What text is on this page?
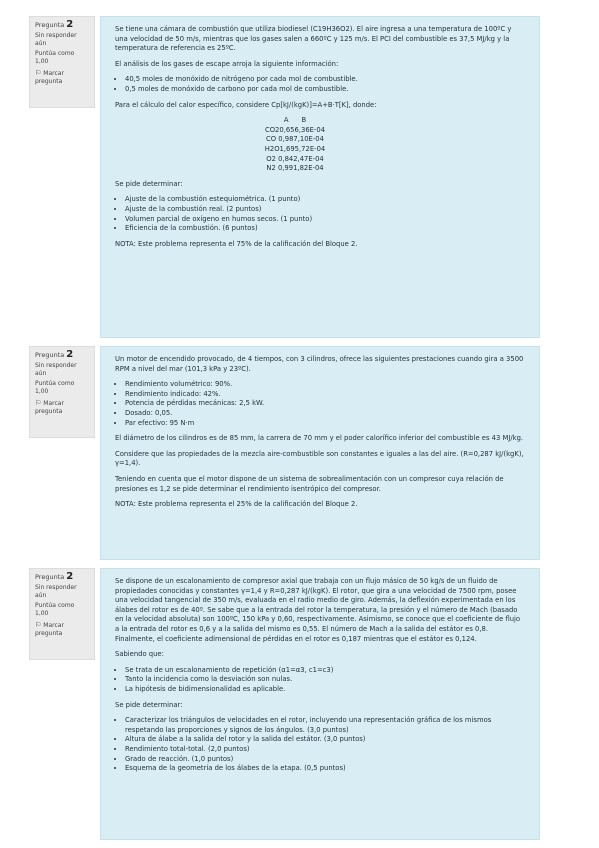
Pregunta 2
Sin responder aún
Puntúa como 1,00
⚐ Marcar pregunta

Se tiene una cámara de combustión que utiliza biodiesel (C19H36O2). El aire ingresa a una temperatura de 100ºC y una velocidad de 50 m/s, mientras que los gases salen a 660ºC y 125 m/s. El PCI del combustible es 37,5 MJ/kg y la temperatura de referencia es 25ºC.

El análisis de los gases de escape arroja la siguiente información:

• 40,5 moles de monóxido de nitrógeno por cada mol de combustible.
• 0,5 moles de monóxido de carbono por cada mol de combustible.

Para el cálculo del calor específico, considere Cp[kJ/(kgK)]=A+B·T[K], donde:

A      B
CO20,656,36E-04
CO 0,987,10E-04
H2O1,695,72E-04
O2 0,842,47E-04
N2 0,991,82E-04

Se pide determinar:

• Ajuste de la combustión estequiométrica. (1 punto)
• Ajuste de la combustión real. (2 puntos)
• Volumen parcial de oxígeno en humos secos. (1 punto)
• Eficiencia de la combustión. (6 puntos)

NOTA: Este problema representa el 75% de la calificación del Bloque 2.

Pregunta 2
Sin responder aún
Puntúa como 1,00
⚐ Marcar pregunta

Un motor de encendido provocado, de 4 tiempos, con 3 cilindros, ofrece las siguientes prestaciones cuando gira a 3500 RPM a nivel del mar (101,3 kPa y 23ºC).

• Rendimiento volumétrico: 90%.
• Rendimiento indicado: 42%.
• Potencia de pérdidas mecánicas: 2,5 kW.
• Dosado: 0,05.
• Par efectivo: 95 N·m

El diámetro de los cilindros es de 85 mm, la carrera de 70 mm y el poder calorífico inferior del combustible es 43 MJ/kg.

Considere que las propiedades de la mezcla aire-combustible son constantes e iguales a las del aire. (R=0,287 kJ/(kgK), γ=1,4).

Teniendo en cuenta que el motor dispone de un sistema de sobrealimentación con un compresor cuya relación de presiones es 1,2 se pide determinar el rendimiento isentrópico del compresor.

NOTA: Este problema representa el 25% de la calificación del Bloque 2.

Pregunta 2
Sin responder aún
Puntúa como 1,00
⚐ Marcar pregunta

Se dispone de un escalonamiento de compresor axial que trabaja con un flujo másico de 50 kg/s de un fluido de propiedades conocidas y constantes γ=1,4 y R=0,287 kJ/(kgK). El rotor, que gira a una velocidad de 7500 rpm, posee una velocidad tangencial de 350 m/s, evaluada en el radio medio de giro. Además, la deflexión experimentada en los álabes del rotor es de 40º. Se sabe que a la entrada del rotor la temperatura, la presión y el número de Mach (basado en la velocidad absoluta) son 100ºC, 150 kPa y 0,60, respectivamente. Asimismo, se conoce que el coeficiente de flujo a la entrada del rotor es 0,6 y a la salida del mismo es 0,55. El número de Mach a la salida del estátor es 0,8. Finalmente, el coeficiente adimensional de pérdidas en el rotor es 0,187 mientras que el estátor es 0,124.

Sabiendo que:

• Se trata de un escalonamiento de repetición (α1=α3, c1=c3)
• Tanto la incidencia como la desviación son nulas.
• La hipótesis de bidimensionalidad es aplicable.

Se pide determinar:

• Caracterizar los triángulos de velocidades en el rotor, incluyendo una representación gráfica de los mismos respetando las proporciones y signos de los ángulos. (3,0 puntos)
• Altura de álabe a la salida del rotor y la salida del estátor. (3,0 puntos)
• Rendimiento total-total. (2,0 puntos)
• Grado de reacción. (1,0 puntos)
• Esquema de la geometría de los álabes de la etapa. (0,5 puntos)
